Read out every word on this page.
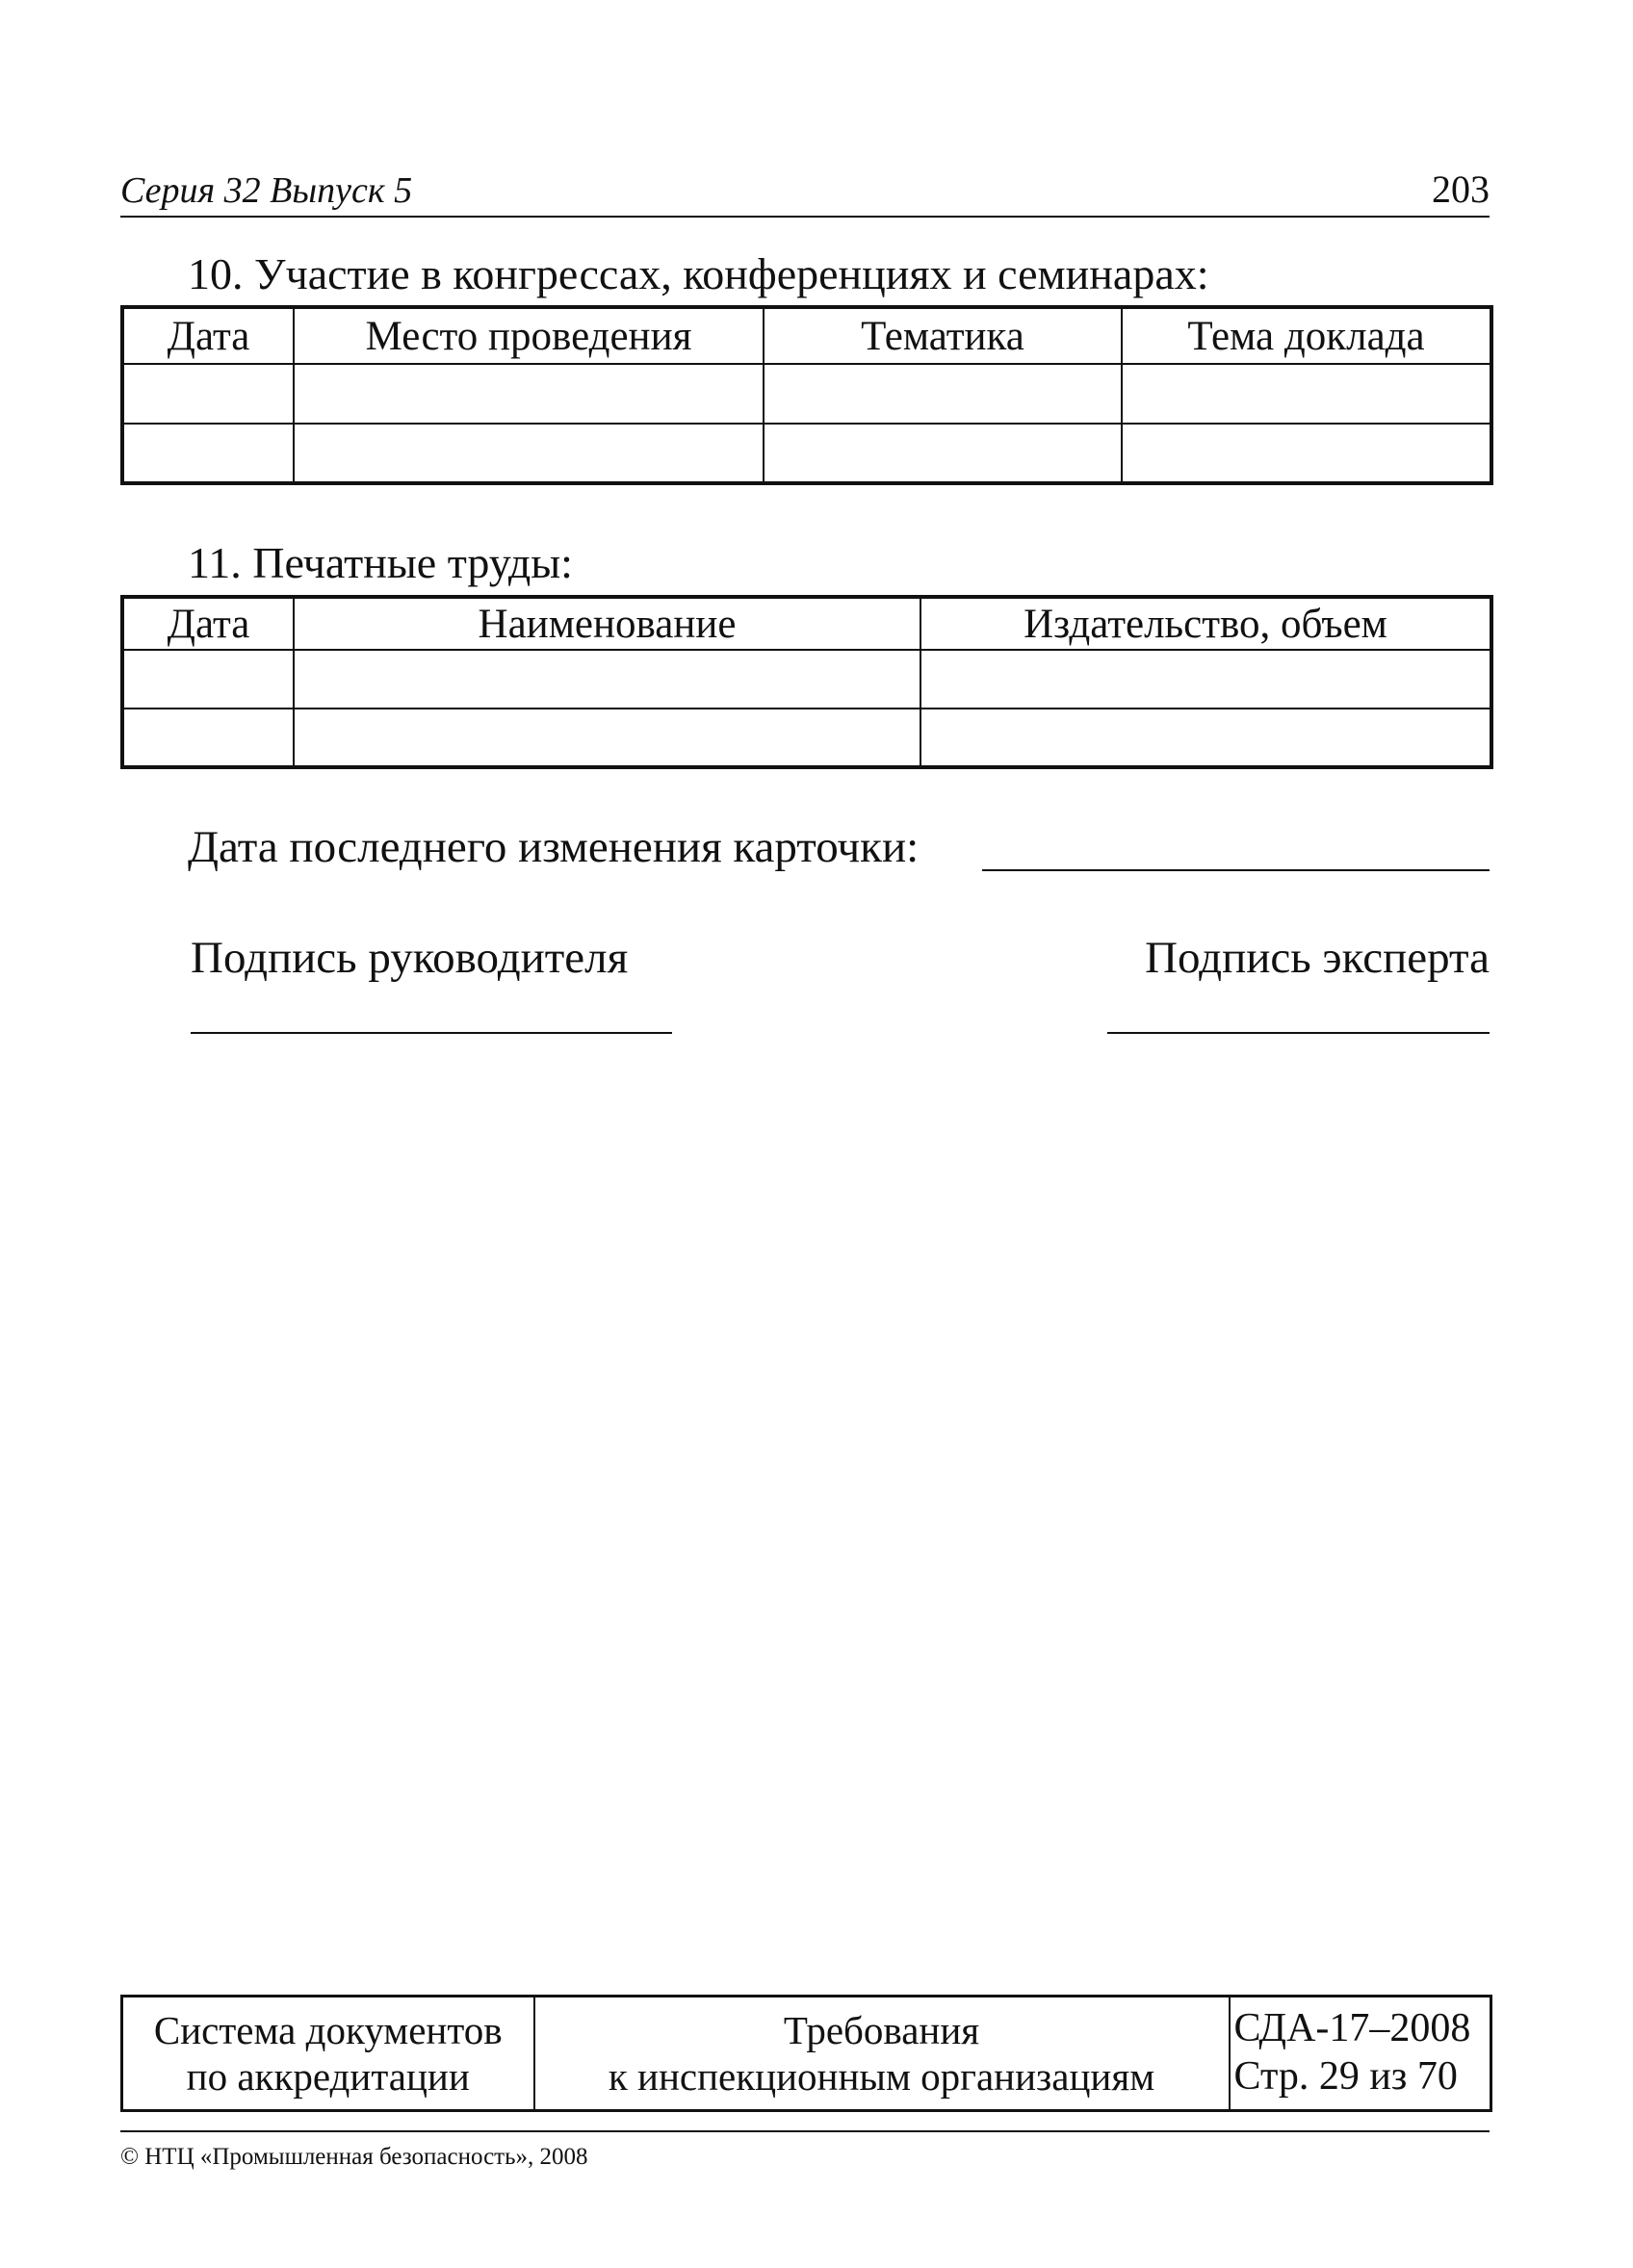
Серия 32 Выпуск 5	203
10. Участие в конгрессах, конференциях и семинарах:
Дата	Место проведения	Тематика	Тема доклада

11. Печатные труды:
Дата	Наименование	Издательство, объем

Дата последнего изменения карточки:
Подпись руководителя	Подпись эксперта
Система документов
по аккредитации

Требования
к инспекционным организациям

СДА-17–2008
Стр. 29 из 70
© НТЦ «Промышленная безопасность», 2008
